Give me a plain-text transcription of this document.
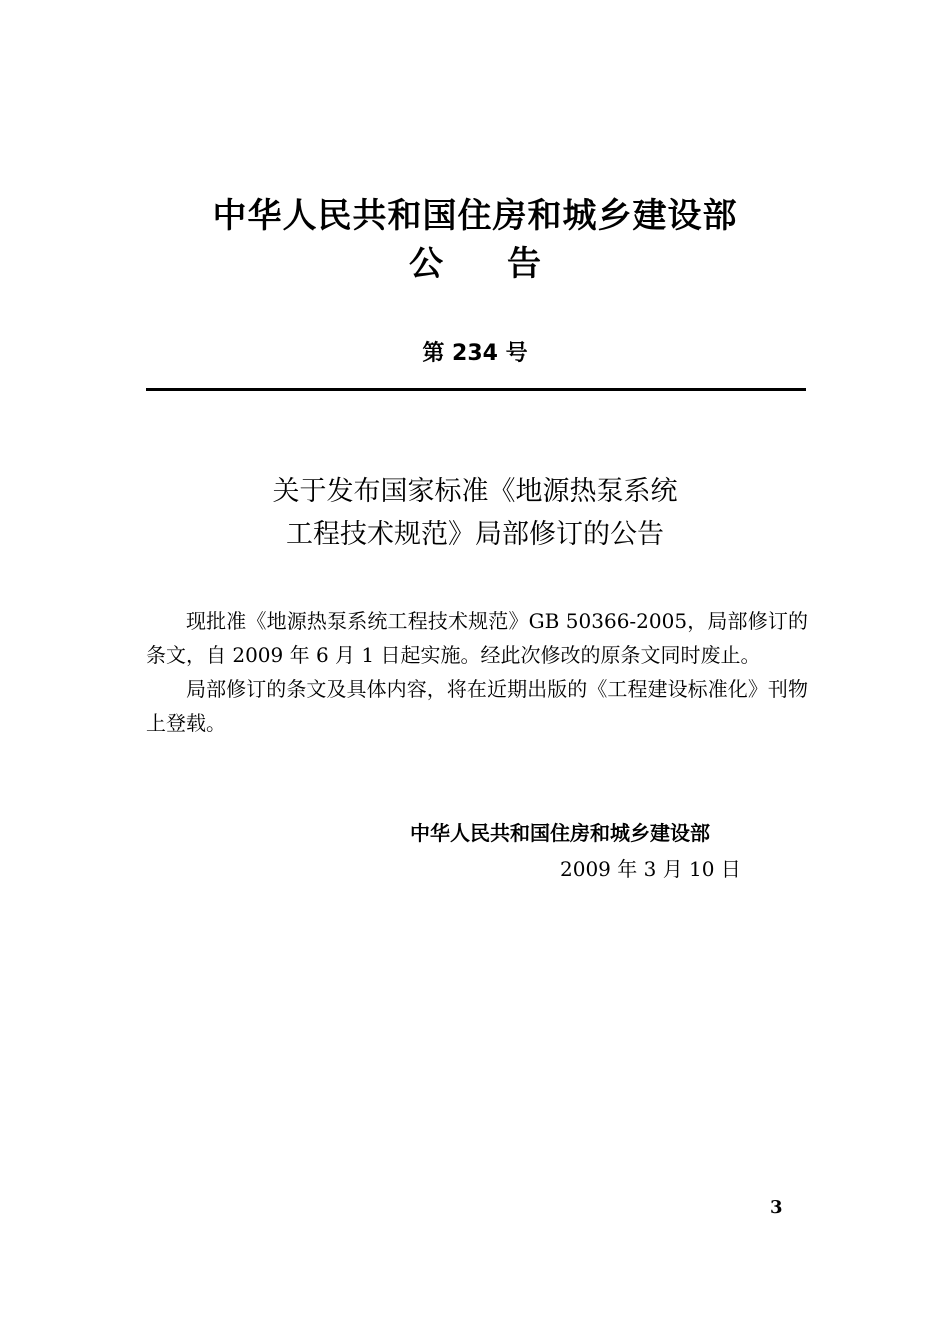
中华人民共和国住房和城乡建设部
公 告
第 234 号
关于发布国家标准《地源热泵系统
工程技术规范》局部修订的公告

现批准《地源热泵系统工程技术规范》GB 50366-2005，局部修订的条文，自 2009 年 6 月 1 日起实施。经此次修改的原条文同时废止。

局部修订的条文及具体内容，将在近期出版的《工程建设标准化》刊物上登载。

中华人民共和国住房和城乡建设部
2009 年 3 月 10 日
3
